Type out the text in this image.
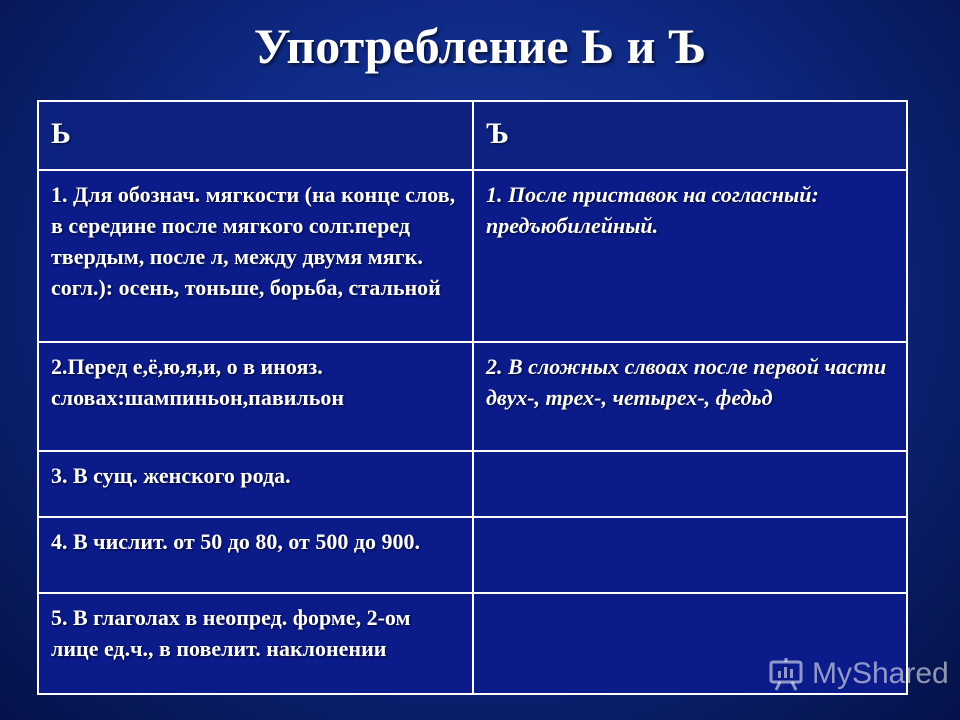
Употребление Ь и Ъ
Ь	Ъ
1. Для обознач. мягкости (на конце слов, в середине после мягкого солг.перед твердым, после л, между двумя мягк. согл.): осень, тоньше, борьба, стальной	1. После приставок на согласный: предъюбилейный.
2.Перед е,ё,ю,я,и, о в инояз. словах:шампиньон,павильон	2. В сложных слвоах после первой части двух-, трех-, четырех-, федьд
3. В сущ. женского рода.	
4. В числит. от 50 до 80, от 500 до 900.	
5. В глаголах в неопред. форме, 2-ом лице ед.ч., в повелит. наклонении	
MyShared
